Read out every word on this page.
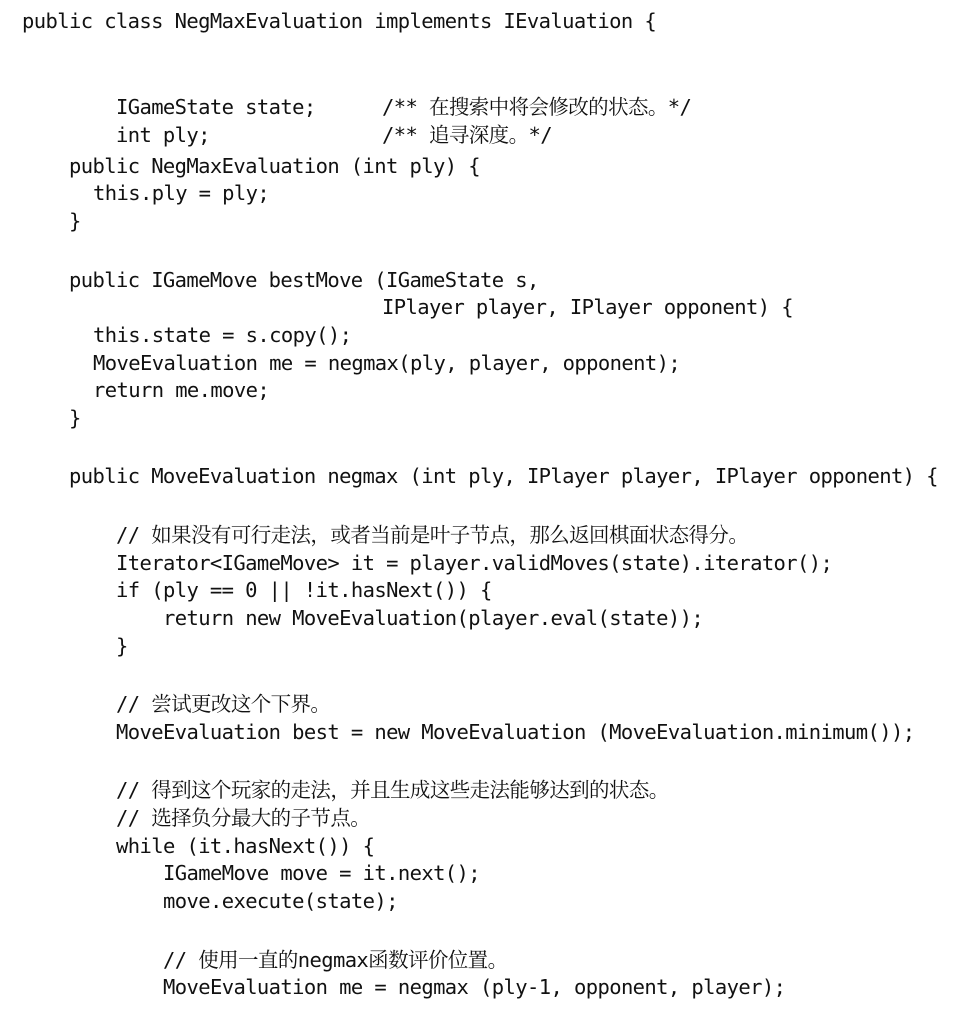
public class NegMaxEvaluation implements IEvaluation {

IGameState state;	/** 在搜索中将会修改的状态。*/

int ply;	/** 追寻深度。*/

public NegMaxEvaluation (int ply) {
this.ply = ply;
}
public IGameMove bestMove (IGameState s,
IPlayer player, IPlayer opponent) {
this.state = s.copy();
MoveEvaluation me = negmax(ply, player, opponent);
return me.move;
}
public MoveEvaluation negmax (int ply, IPlayer player, IPlayer opponent) {
// 如果没有可行走法，或者当前是叶子节点，那么返回棋面状态得分。
Iterator<IGameMove> it = player.validMoves(state).iterator();
if (ply == 0 || !it.hasNext()) {
return new MoveEvaluation(player.eval(state));
}
// 尝试更改这个下界。
MoveEvaluation best = new MoveEvaluation (MoveEvaluation.minimum());
// 得到这个玩家的走法，并且生成这些走法能够达到的状态。
// 选择负分最大的子节点。
while (it.hasNext()) {
IGameMove move = it.next();
move.execute(state);
// 使用一直的negmax函数评价位置。
MoveEvaluation me = negmax (ply-1, opponent, player);
